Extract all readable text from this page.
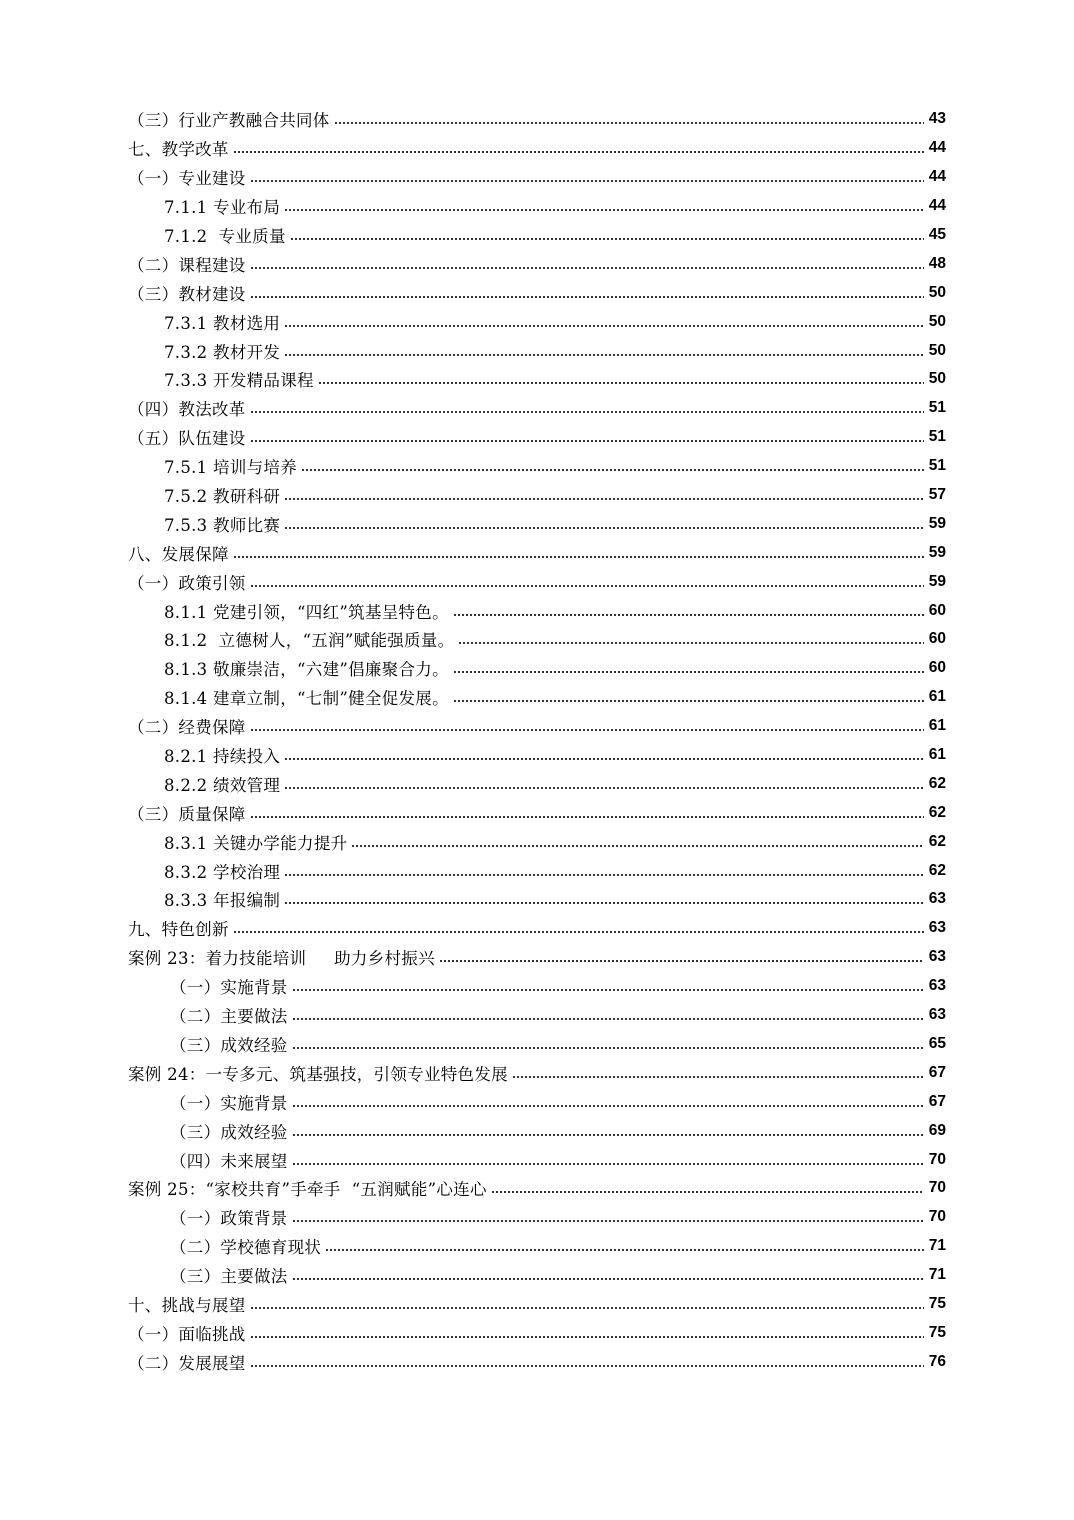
（三）行业产教融合共同体	43
七、教学改革	44
（一）专业建设	44
7.1.1 专业布局	44
7.1.2  专业质量	45
（二）课程建设	48
（三）教材建设	50
7.3.1 教材选用	50
7.3.2 教材开发	50
7.3.3 开发精品课程	50
（四）教法改革	51
（五）队伍建设	51
7.5.1 培训与培养	51
7.5.2 教研科研	57
7.5.3 教师比赛	59
八、发展保障	59
（一）政策引领	59
8.1.1 党建引领，“四红”筑基呈特色。	60
8.1.2  立德树人，“五润”赋能强质量。	60
8.1.3 敬廉崇洁，“六建”倡廉聚合力。	60
8.1.4 建章立制，“七制”健全促发展。	61
（二）经费保障	61
8.2.1 持续投入	61
8.2.2 绩效管理	62
（三）质量保障	62
8.3.1 关键办学能力提升	62
8.3.2 学校治理	62
8.3.3 年报编制	63
九、特色创新	63
案例 23：着力技能培训     助力乡村振兴	63
（一）实施背景	63
（二）主要做法	63
（三）成效经验	65
案例 24：一专多元、筑基强技，引领专业特色发展	67
（一）实施背景	67
（三）成效经验	69
（四）未来展望	70
案例 25：“家校共育”手牵手  “五润赋能”心连心	70
（一）政策背景	70
（二）学校德育现状	71
（三）主要做法	71
十、挑战与展望	75
（一）面临挑战	75
（二）发展展望	76
